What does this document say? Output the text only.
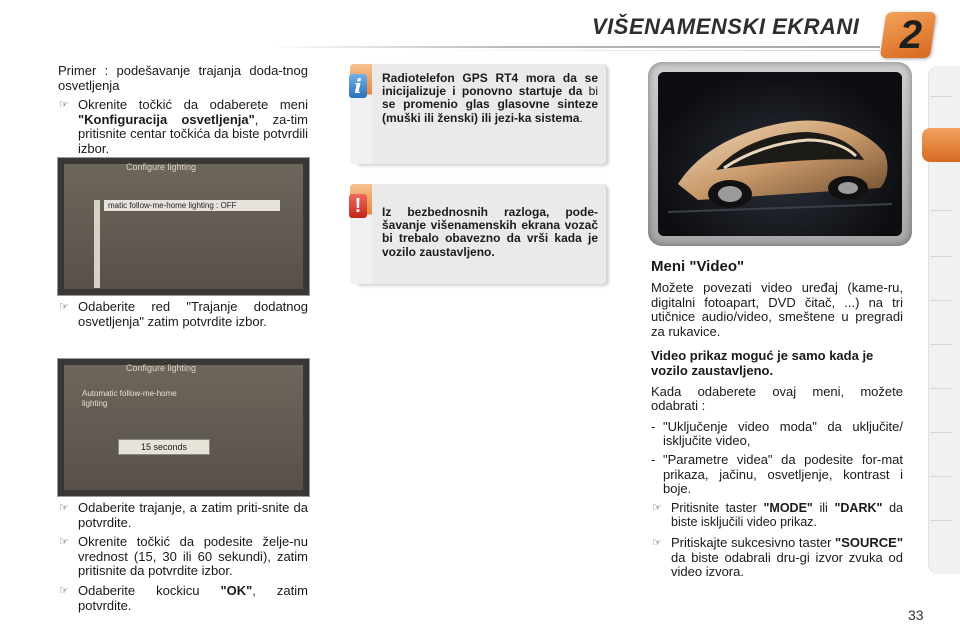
VIŠENAMENSKI EKRANI 2

Primer : podešavanje trajanja doda-tnog osvetljenja

☞ Okrenite točkić da odaberete meni "Konfiguracija osvetljenja", za-tim pritisnite centar točkića da biste potvrdili izbor.

Configure lighting
matic follow-me-home lighting : OFF

☞ Odaberite red "Trajanje dodatnog osvetljenja" zatim potvrdite izbor.

Configure lighting
Automatic follow-me-home lighting
15 seconds

☞ Odaberite trajanje, a zatim priti-snite da potvrdite.

☞ Okrenite točkić da podesite želje-nu vrednost (15, 30 ili 60 sekundi), zatim pritisnite da potvrdite izbor.

☞ Odaberite kockicu "OK", zatim potvrdite.

Radiotelefon GPS RT4 mora da se inicijalizuje i ponovno startuje da bi se promenio glas glasovne sinteze (muški ili ženski) ili jezi-ka sistema.
i
Iz bezbednosnih razloga, pode-šavanje višenamenskih ekrana vozač bi trebalo obavezno da vrši kada je vozilo zaustavljeno.
!
Meni "Video"

Možete povezati video uređaj (kame-ru, digitalni fotoapart, DVD čitač, ...) na tri utičnice audio/video, smeštene u pregradi za rukavice.

Video prikaz moguć je samo kada je vozilo zaustavljeno.

Kada odaberete ovaj meni, možete odabrati :

- "Uključenje video moda" da uključite/ isključite video,

- "Parametre videa" da podesite for-mat prikaza, jačinu, osvetljenje, kontrast i boje.

☞ Pritisnite taster "MODE" ili "DARK" da biste isključili video prikaz.

☞ Pritiskajte sukcesivno taster "SOURCE" da biste odabrali dru-gi izvor zvuka od video izvora.

33
